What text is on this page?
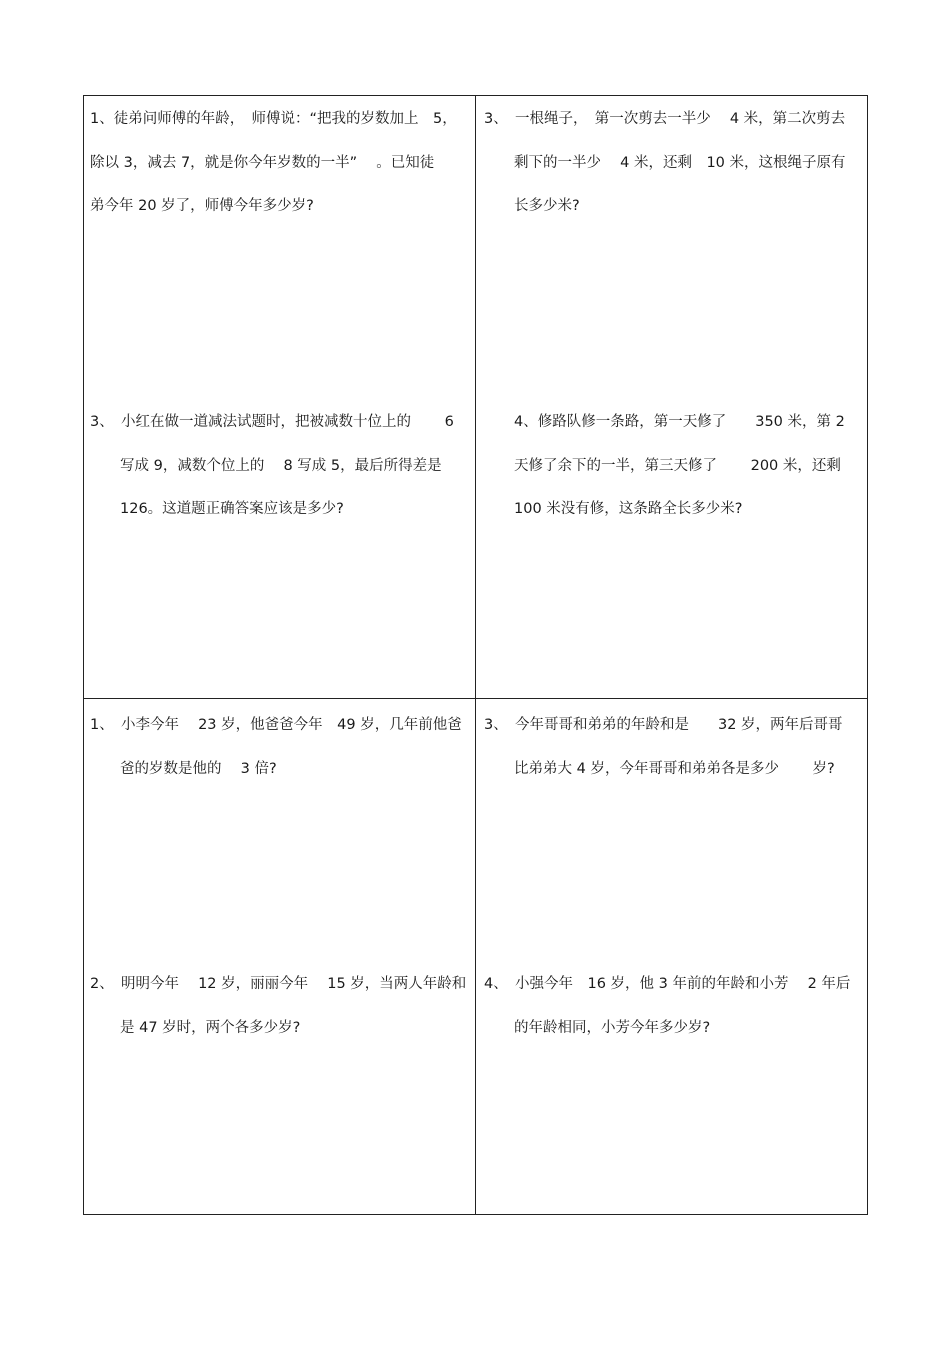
1、徒弟问师傅的年龄，　师傅说：“把我的岁数加上　5，
除以 3，减去 7，就是你今年岁数的一半”　 。已知徒
弟今年 20 岁了，师傅今年多少岁?
3、　一根绳子，　第一次剪去一半少　 4 米，第二次剪去
剩下的一半少　 4 米，还剩　10 米，这根绳子原有
长多少米?
3、　小红在做一道减法试题时，把被减数十位上的　　 6
写成 9，减数个位上的　 8 写成 5，最后所得差是
126。这道题正确答案应该是多少?
4、修路队修一条路，第一天修了　　350 米，第 2
天修了余下的一半，第三天修了　　 200 米，还剩
100 米没有修，这条路全长多少米?
1、　小李今年　 23 岁，他爸爸今年　49 岁，几年前他爸
爸的岁数是他的　 3 倍?
3、　今年哥哥和弟弟的年龄和是　　32 岁，两年后哥哥
比弟弟大 4 岁，今年哥哥和弟弟各是多少　　 岁?
2、　明明今年　 12 岁，丽丽今年　 15 岁，当两人年龄和
是 47 岁时，两个各多少岁?
4、　小强今年　16 岁，他 3 年前的年龄和小芳　 2 年后
的年龄相同，小芳今年多少岁?
